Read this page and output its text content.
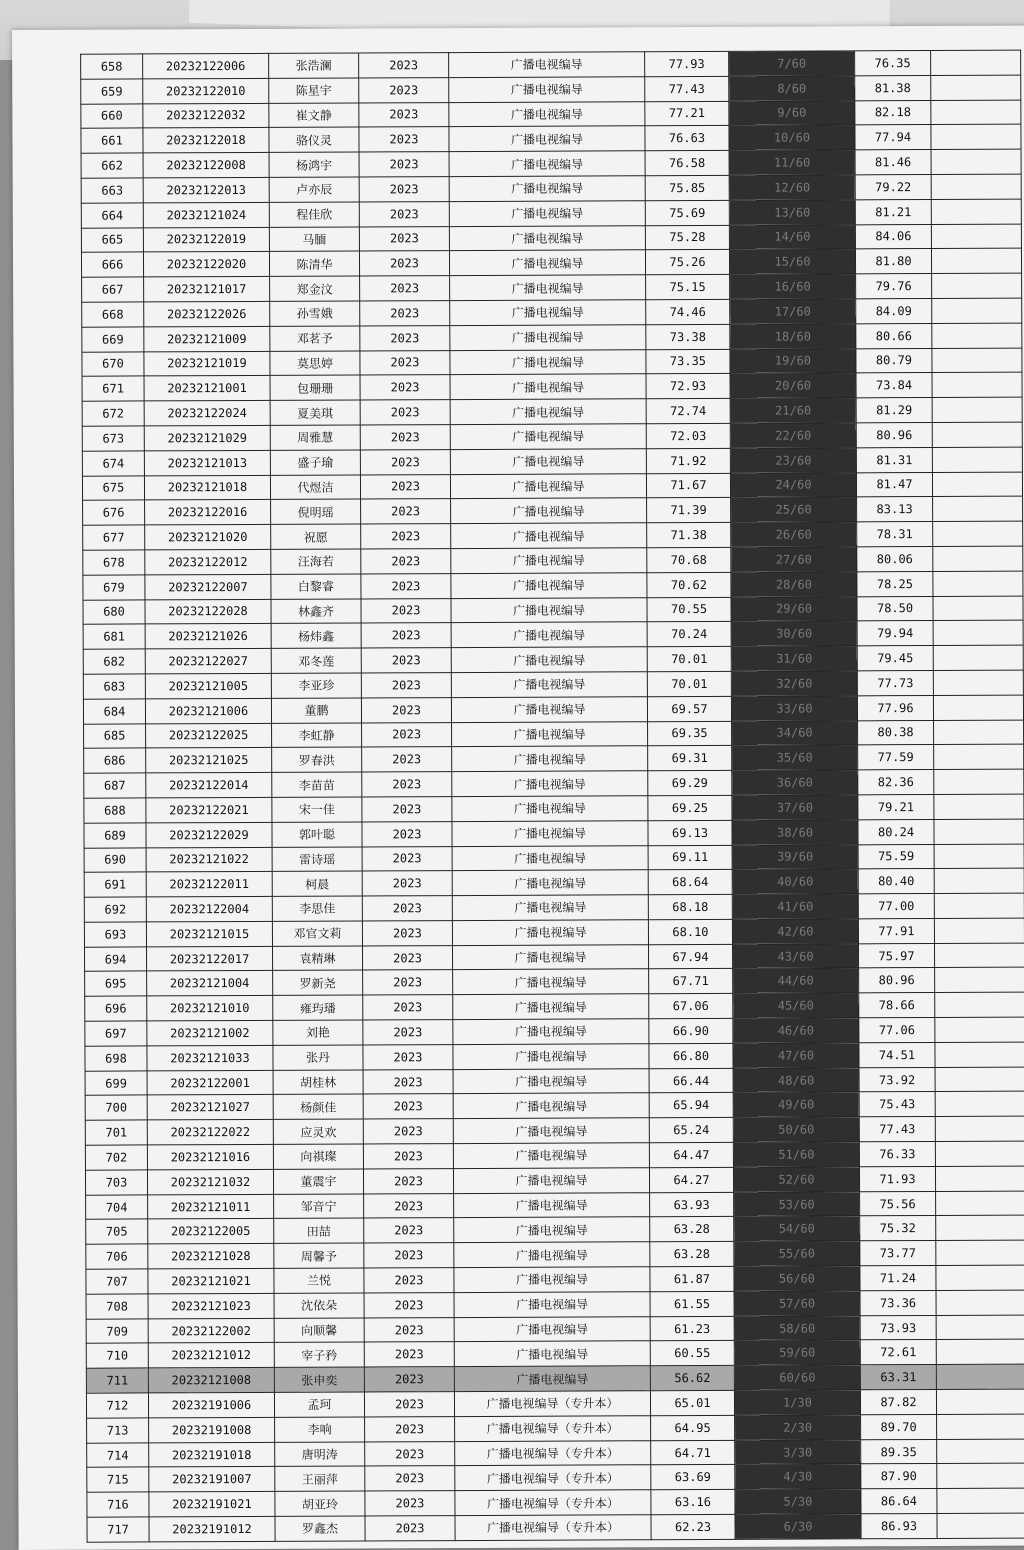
658	20232122006	张浩澜	2023	广播电视编导	77.93	7/60	76.35	
659	20232122010	陈星宇	2023	广播电视编导	77.43	8/60	81.38	
660	20232122032	崔文静	2023	广播电视编导	77.21	9/60	82.18	
661	20232122018	骆仪灵	2023	广播电视编导	76.63	10/60	77.94	
662	20232122008	杨鸿宇	2023	广播电视编导	76.58	11/60	81.46	
663	20232122013	卢亦辰	2023	广播电视编导	75.85	12/60	79.22	
664	20232121024	程佳欣	2023	广播电视编导	75.69	13/60	81.21	
665	20232122019	马腼	2023	广播电视编导	75.28	14/60	84.06	
666	20232122020	陈清华	2023	广播电视编导	75.26	15/60	81.80	
667	20232121017	郑金汶	2023	广播电视编导	75.15	16/60	79.76	
668	20232122026	孙雪娥	2023	广播电视编导	74.46	17/60	84.09	
669	20232121009	邓茗予	2023	广播电视编导	73.38	18/60	80.66	
670	20232121019	莫思婷	2023	广播电视编导	73.35	19/60	80.79	
671	20232121001	包珊珊	2023	广播电视编导	72.93	20/60	73.84	
672	20232122024	夏美琪	2023	广播电视编导	72.74	21/60	81.29	
673	20232121029	周雅慧	2023	广播电视编导	72.03	22/60	80.96	
674	20232121013	盛子瑜	2023	广播电视编导	71.92	23/60	81.31	
675	20232121018	代煜洁	2023	广播电视编导	71.67	24/60	81.47	
676	20232122016	倪明瑶	2023	广播电视编导	71.39	25/60	83.13	
677	20232121020	祝愿	2023	广播电视编导	71.38	26/60	78.31	
678	20232122012	汪海若	2023	广播电视编导	70.68	27/60	80.06	
679	20232122007	白黎睿	2023	广播电视编导	70.62	28/60	78.25	
680	20232122028	林鑫齐	2023	广播电视编导	70.55	29/60	78.50	
681	20232121026	杨炜鑫	2023	广播电视编导	70.24	30/60	79.94	
682	20232122027	邓冬莲	2023	广播电视编导	70.01	31/60	79.45	
683	20232121005	李亚珍	2023	广播电视编导	70.01	32/60	77.73	
684	20232121006	董鹏	2023	广播电视编导	69.57	33/60	77.96	
685	20232122025	李虹静	2023	广播电视编导	69.35	34/60	80.38	
686	20232121025	罗春洪	2023	广播电视编导	69.31	35/60	77.59	
687	20232122014	李苗苗	2023	广播电视编导	69.29	36/60	82.36	
688	20232122021	宋一佳	2023	广播电视编导	69.25	37/60	79.21	
689	20232122029	郭叶聪	2023	广播电视编导	69.13	38/60	80.24	
690	20232121022	雷诗瑶	2023	广播电视编导	69.11	39/60	75.59	
691	20232122011	柯晨	2023	广播电视编导	68.64	40/60	80.40	
692	20232122004	李思佳	2023	广播电视编导	68.18	41/60	77.00	
693	20232121015	邓官文莉	2023	广播电视编导	68.10	42/60	77.91	
694	20232122017	袁精琳	2023	广播电视编导	67.94	43/60	75.97	
695	20232121004	罗新尧	2023	广播电视编导	67.71	44/60	80.96	
696	20232121010	雍玙璠	2023	广播电视编导	67.06	45/60	78.66	
697	20232121002	刘艳	2023	广播电视编导	66.90	46/60	77.06	
698	20232121033	张丹	2023	广播电视编导	66.80	47/60	74.51	
699	20232122001	胡桂林	2023	广播电视编导	66.44	48/60	73.92	
700	20232121027	杨颜佳	2023	广播电视编导	65.94	49/60	75.43	
701	20232122022	应灵欢	2023	广播电视编导	65.24	50/60	77.43	
702	20232121016	向祺璨	2023	广播电视编导	64.47	51/60	76.33	
703	20232121032	董震宇	2023	广播电视编导	64.27	52/60	71.93	
704	20232121011	邹音宁	2023	广播电视编导	63.93	53/60	75.56	
705	20232122005	田喆	2023	广播电视编导	63.28	54/60	75.32	
706	20232121028	周馨予	2023	广播电视编导	63.28	55/60	73.77	
707	20232121021	兰悦	2023	广播电视编导	61.87	56/60	71.24	
708	20232121023	沈依朵	2023	广播电视编导	61.55	57/60	73.36	
709	20232122002	向顺馨	2023	广播电视编导	61.23	58/60	73.93	
710	20232121012	宰子矜	2023	广播电视编导	60.55	59/60	72.61	
711	20232121008	张申奕	2023	广播电视编导	56.62	60/60	63.31	
712	20232191006	孟珂	2023	广播电视编导（专升本）	65.01	1/30	87.82	
713	20232191008	李响	2023	广播电视编导（专升本）	64.95	2/30	89.70	
714	20232191018	唐明涛	2023	广播电视编导（专升本）	64.71	3/30	89.35	
715	20232191007	王丽萍	2023	广播电视编导（专升本）	63.69	4/30	87.90	
716	20232191021	胡亚玲	2023	广播电视编导（专升本）	63.16	5/30	86.64	
717	20232191012	罗鑫杰	2023	广播电视编导（专升本）	62.23	6/30	86.93	
